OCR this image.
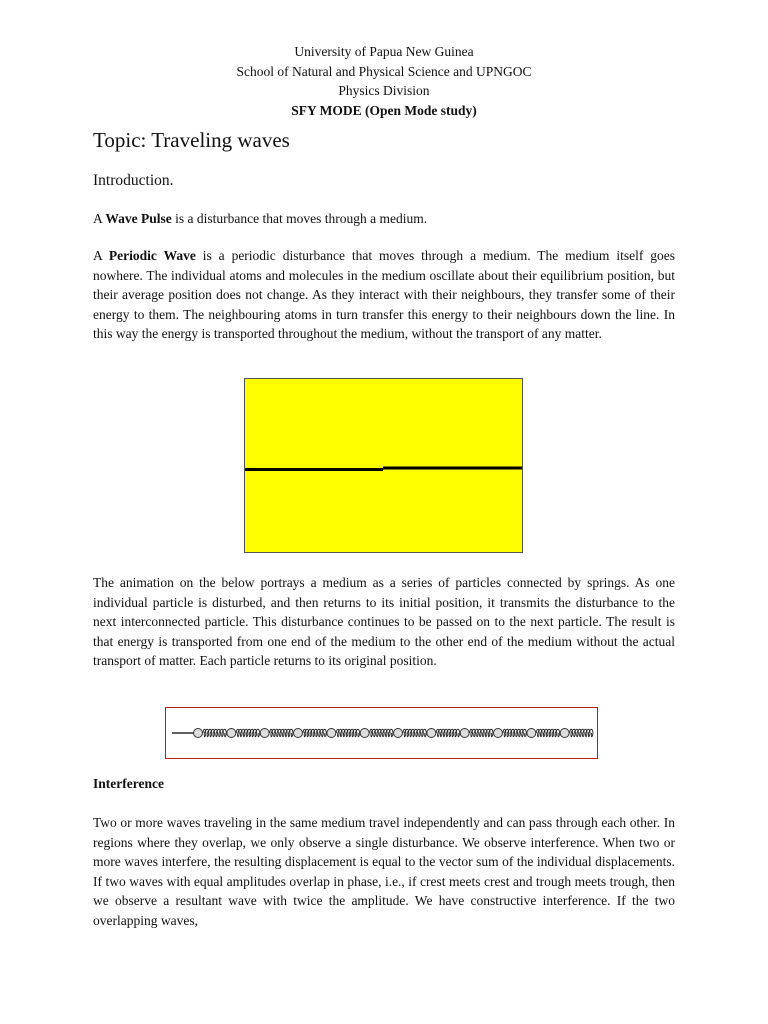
University of Papua New Guinea
School of Natural and Physical Science and UPNGOC
Physics Division
SFY MODE (Open Mode study)
Topic: Traveling waves
Introduction.
A Wave Pulse is a disturbance that moves through a medium.
A Periodic Wave is a periodic disturbance that moves through a medium. The medium itself goes nowhere. The individual atoms and molecules in the medium oscillate about their equilibrium position, but their average position does not change. As they interact with their neighbours, they transfer some of their energy to them. The neighbouring atoms in turn transfer this energy to their neighbours down the line. In this way the energy is transported throughout the medium, without the transport of any matter.
The animation on the below portrays a medium as a series of particles connected by springs. As one individual particle is disturbed, and then returns to its initial position, it transmits the disturbance to the next interconnected particle. This disturbance continues to be passed on to the next particle. The result is that energy is transported from one end of the medium to the other end of the medium without the actual transport of matter. Each particle returns to its original position.
Interference
Two or more waves traveling in the same medium travel independently and can pass through each other. In regions where they overlap, we only observe a single disturbance. We observe interference. When two or more waves interfere, the resulting displacement is equal to the vector sum of the individual displacements. If two waves with equal amplitudes overlap in phase, i.e., if crest meets crest and trough meets trough, then we observe a resultant wave with twice the amplitude. We have constructive interference. If the two overlapping waves,
